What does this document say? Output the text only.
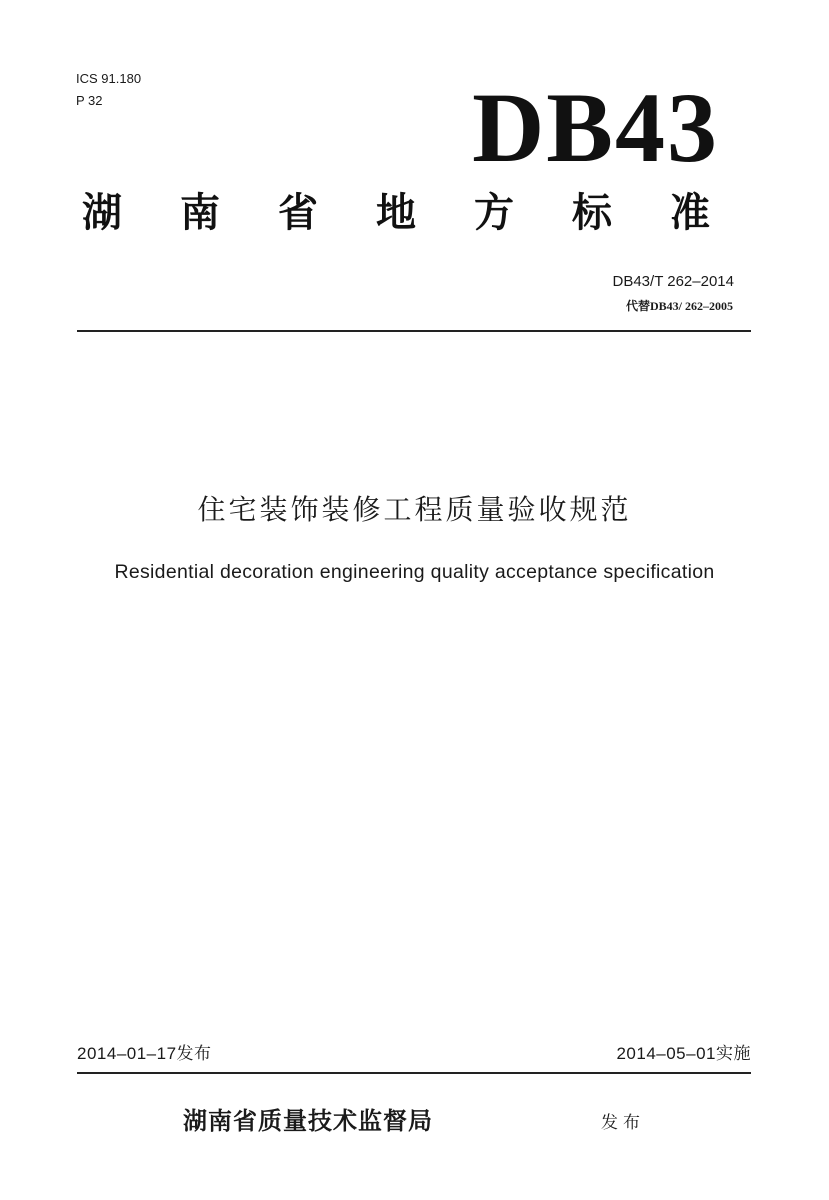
ICS 91.180
P 32	DB43
湖南省地方标准
DB43/T 262–2014
代替DB43/ 262–2005
住宅装饰装修工程质量验收规范
Residential decoration engineering quality acceptance specification
2014–01–17发布	2014–05–01实施
湖南省质量技术监督局	发布
